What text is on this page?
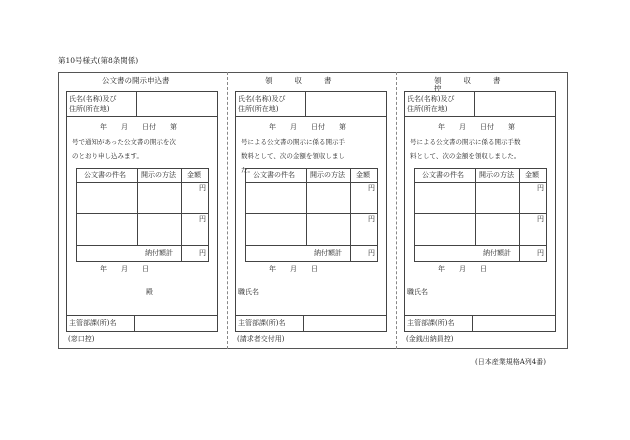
第10号様式(第8条関係)
公文書の開示申込書
氏名(名称)及び
住所(所在地)
年　　月　　日付　　第
号で通知があった公文書の開示を次
のとおり申し込みます。
公文書の件名 開示の方法 金額
円
円
納付額計	円
年　　月　　日
殿
主管部課(所)名
(窓口控)
領収書
氏名(名称)及び
住所(所在地)
年　　月　　日付　　第
号による公文書の開示に係る開示手
数料として、次の金額を領収しまし
た。
公文書の件名 開示の方法 金額
円
円
納付額計	円
年　　月　　日
職氏名
主管部課(所)名
(請求者交付用)
領収書控
氏名(名称)及び
住所(所在地)
年　　月　　日付　　第
号による公文書の開示に係る開示手数
料として、次の金額を領収しました。
公文書の件名 開示の方法 金額
円
円
納付額計	円
年　　月　　日
職氏名
主管部課(所)名
(金銭出納員控)
(日本産業規格A列4番)
